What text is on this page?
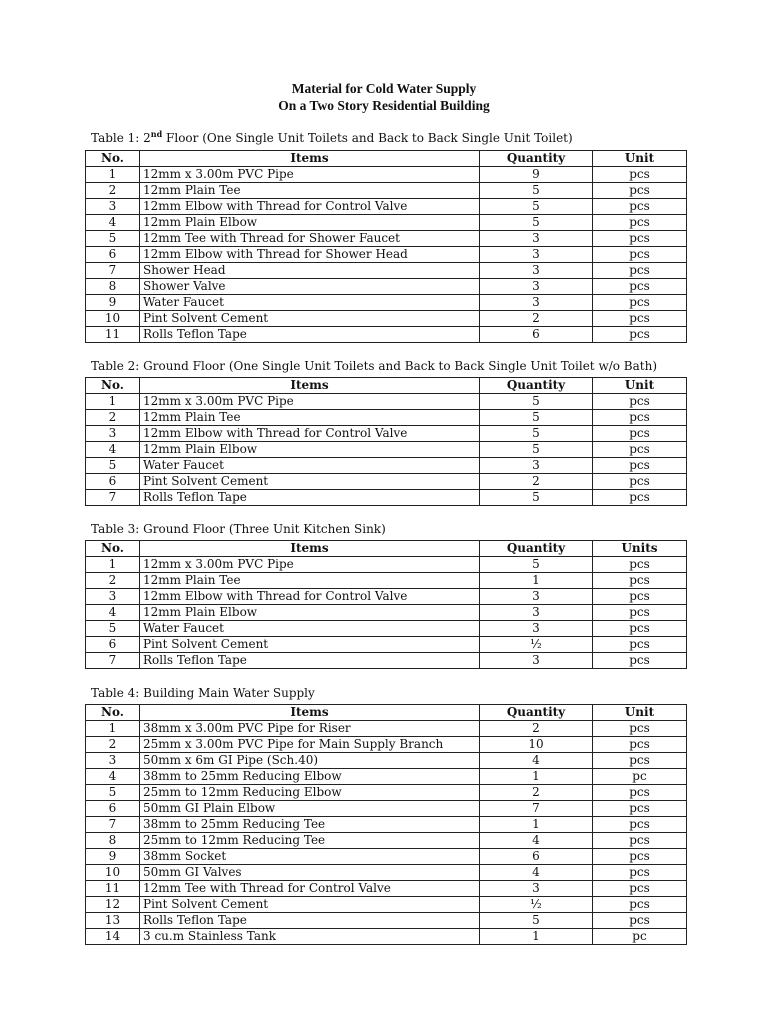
Material for Cold Water Supply
On a Two Story Residential Building
Table 1: 2nd Floor (One Single Unit Toilets and Back to Back Single Unit Toilet)
No.	Items	Quantity	Unit
1	12mm x 3.00m PVC Pipe	9	pcs
2	12mm Plain Tee	5	pcs
3	12mm Elbow with Thread for Control Valve	5	pcs
4	12mm Plain Elbow	5	pcs
5	12mm Tee with Thread for Shower Faucet	3	pcs
6	12mm Elbow with Thread for Shower Head	3	pcs
7	Shower Head	3	pcs
8	Shower Valve	3	pcs
9	Water Faucet	3	pcs
10	Pint Solvent Cement	2	pcs
11	Rolls Teflon Tape	6	pcs
Table 2: Ground Floor (One Single Unit Toilets and Back to Back Single Unit Toilet w/o Bath)
No.	Items	Quantity	Unit
1	12mm x 3.00m PVC Pipe	5	pcs
2	12mm Plain Tee	5	pcs
3	12mm Elbow with Thread for Control Valve	5	pcs
4	12mm Plain Elbow	5	pcs
5	Water Faucet	3	pcs
6	Pint Solvent Cement	2	pcs
7	Rolls Teflon Tape	5	pcs
Table 3: Ground Floor (Three Unit Kitchen Sink)
No.	Items	Quantity	Units
1	12mm x 3.00m PVC Pipe	5	pcs
2	12mm Plain Tee	1	pcs
3	12mm Elbow with Thread for Control Valve	3	pcs
4	12mm Plain Elbow	3	pcs
5	Water Faucet	3	pcs
6	Pint Solvent Cement	½	pcs
7	Rolls Teflon Tape	3	pcs
Table 4: Building Main Water Supply
No.	Items	Quantity	Unit
1	38mm x 3.00m PVC Pipe for Riser	2	pcs
2	25mm x 3.00m PVC Pipe for Main Supply Branch	10	pcs
3	50mm x 6m GI Pipe (Sch.40)	4	pcs
4	38mm to 25mm Reducing Elbow	1	pc
5	25mm to 12mm Reducing Elbow	2	pcs
6	50mm GI Plain Elbow	7	pcs
7	38mm to 25mm Reducing Tee	1	pcs
8	25mm to 12mm Reducing Tee	4	pcs
9	38mm Socket	6	pcs
10	50mm GI Valves	4	pcs
11	12mm Tee with Thread for Control Valve	3	pcs
12	Pint Solvent Cement	½	pcs
13	Rolls Teflon Tape	5	pcs
14	3 cu.m Stainless Tank	1	pc
